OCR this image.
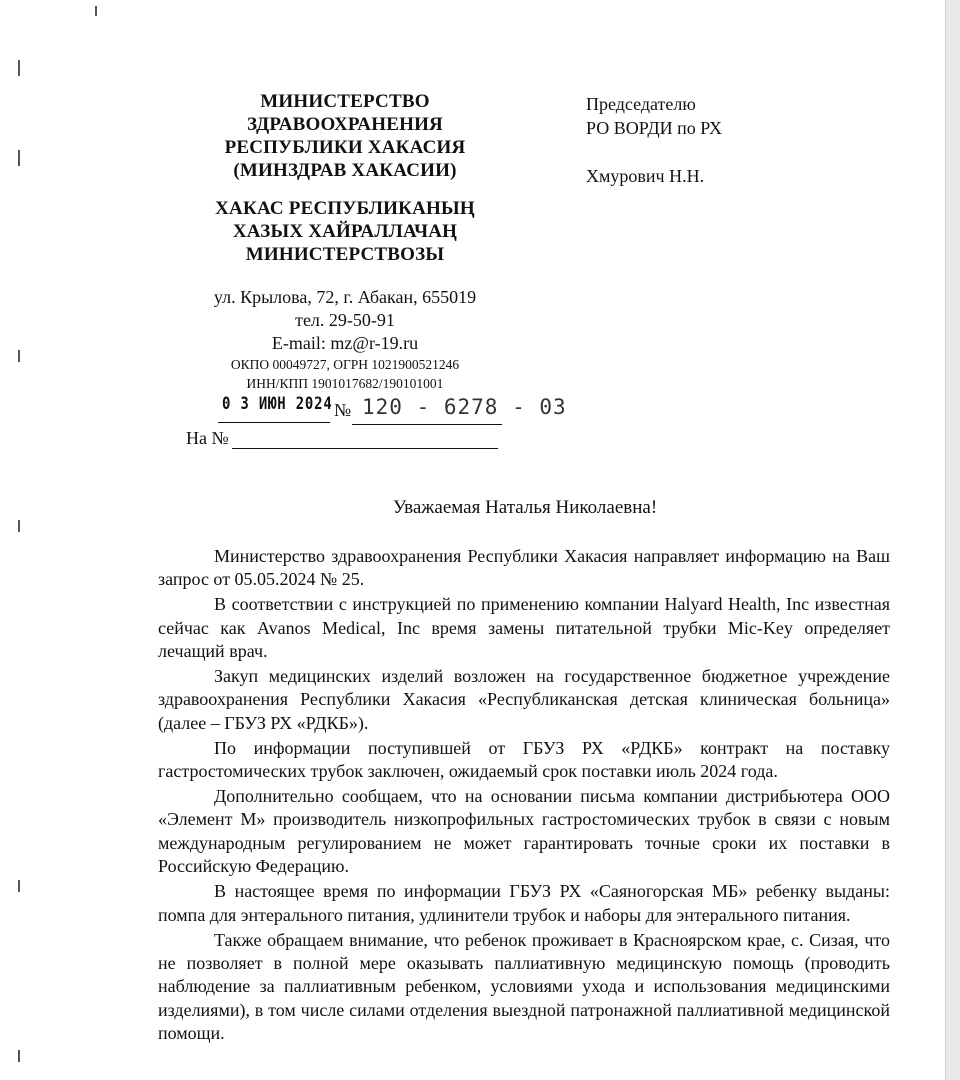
МИНИСТЕРСТВО
ЗДРАВООХРАНЕНИЯ
РЕСПУБЛИКИ ХАКАСИЯ
(МИНЗДРАВ ХАКАСИИ)
ХАКАС РЕСПУБЛИКАНЫҢ
ХАЗЫХ ХАЙРАЛЛАЧАҢ
МИНИСТЕРСТВОЗЫ
ул. Крылова, 72, г. Абакан, 655019
тел. 29-50-91
E-mail: mz@r-19.ru
ОКПО 00049727, ОГРН 1021900521246
ИНН/КПП 1901017682/190101001
Председателю
РО ВОРДИ по РХ
Хмурович Н.Н.
0 3 ИЮН 2024 № 120 - 6278 - 03
На №
Уважаемая Наталья Николаевна!

Министерство здравоохранения Республики Хакасия направляет информацию на Ваш запрос от 05.05.2024 № 25.

В соответствии с инструкцией по применению компании Halyard Health, Inc известная сейчас как Avanos Medical, Inc время замены питательной трубки Mic-Key определяет лечащий врач.

Закуп медицинских изделий возложен на государственное бюджетное учреждение здравоохранения Республики Хакасия «Республиканская детская клиническая больница» (далее – ГБУЗ РХ «РДКБ»).

По информации поступившей от ГБУЗ РХ «РДКБ» контракт на поставку гастростомических трубок заключен, ожидаемый срок поставки июль 2024 года.

Дополнительно сообщаем, что на основании письма компании дистрибьютера ООО «Элемент М» производитель низкопрофильных гастростомических трубок в связи с новым международным регулированием не может гарантировать точные сроки их поставки в Российскую Федерацию.

В настоящее время по информации ГБУЗ РХ «Саяногорская МБ» ребенку выданы: помпа для энтерального питания, удлинители трубок и наборы для энтерального питания.

Также обращаем внимание, что ребенок проживает в Красноярском крае, с. Сизая, что не позволяет в полной мере оказывать паллиативную медицинскую помощь (проводить наблюдение за паллиативным ребенком, условиями ухода и использования медицинскими изделиями), в том числе силами отделения выездной патронажной паллиативной медицинской помощи.
